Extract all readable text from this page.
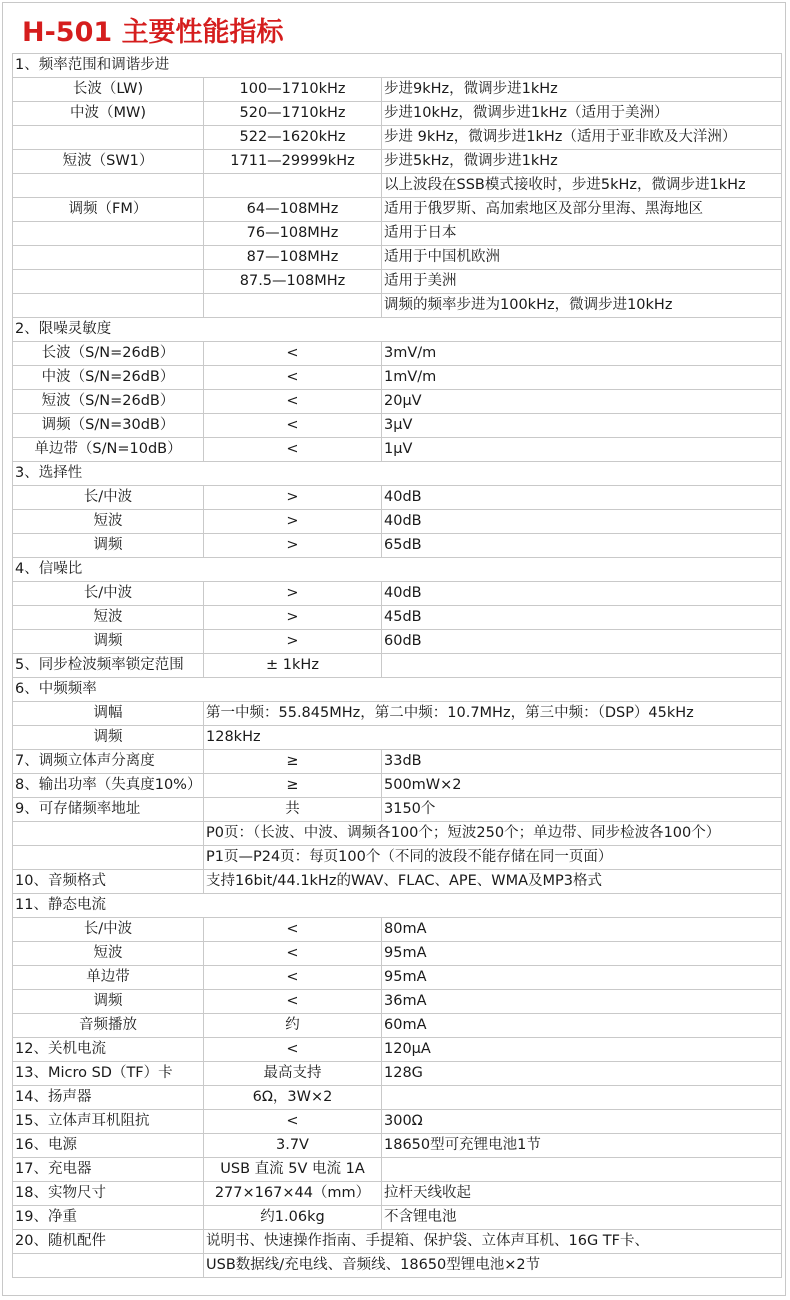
H-501 主要性能指标
1、频率范围和调谐步进		
长波（LW)	100—1710kHz	步进9kHz，微调步进1kHz
中波（MW)	520—1710kHz	步进10kHz，微调步进1kHz（适用于美洲）
	522—1620kHz	步进 9kHz，微调步进1kHz（适用于亚非欧及大洋洲）
短波（SW1）	1711—29999kHz	步进5kHz，微调步进1kHz
		以上波段在SSB模式接收时，步进5kHz，微调步进1kHz
调频（FM）	64—108MHz	适用于俄罗斯、高加索地区及部分里海、黑海地区
	76—108MHz	适用于日本
	87—108MHz	适用于中国机欧洲
	87.5—108MHz	适用于美洲
		调频的频率步进为100kHz，微调步进10kHz
2、限噪灵敏度		
长波（S/N=26dB）	<	3mV/m
中波（S/N=26dB）	<	1mV/m
短波（S/N=26dB）	<	20μV
调频（S/N=30dB）	<	3μV
单边带（S/N=10dB）	<	1μV
3、选择性		
长/中波	>	40dB
短波	>	40dB
调频	>	65dB
4、信噪比		
长/中波	>	40dB
短波	>	45dB
调频	>	60dB
5、同步检波频率锁定范围	± 1kHz	
6、中频频率		
调幅	第一中频：55.845MHz，第二中频：10.7MHz，第三中频：（DSP）45kHz	
调频	128kHz	
7、调频立体声分离度	≥	33dB
8、输出功率（失真度10%）	≥	500mW×2
9、可存储频率地址	共	3150个
	P0页：（长波、中波、调频各100个；短波250个；单边带、同步检波各100个）	
	P1页—P24页：每页100个（不同的波段不能存储在同一页面）	
10、音频格式	支持16bit/44.1kHz的WAV、FLAC、APE、WMA及MP3格式	
11、静态电流		
长/中波	<	80mA
短波	<	95mA
单边带	<	95mA
调频	<	36mA
音频播放	约	60mA
12、关机电流	<	120μA
13、Micro SD（TF）卡	最高支持	128G
14、扬声器	6Ω，3W×2	
15、立体声耳机阻抗	<	300Ω
16、电源	3.7V	18650型可充锂电池1节
17、充电器	USB 直流 5V 电流 1A	
18、实物尺寸	277×167×44（mm）	拉杆天线收起
19、净重	约1.06kg	不含锂电池
20、随机配件	说明书、快速操作指南、手提箱、保护袋、立体声耳机、16G TF卡、	
	USB数据线/充电线、音频线、18650型锂电池×2节	
